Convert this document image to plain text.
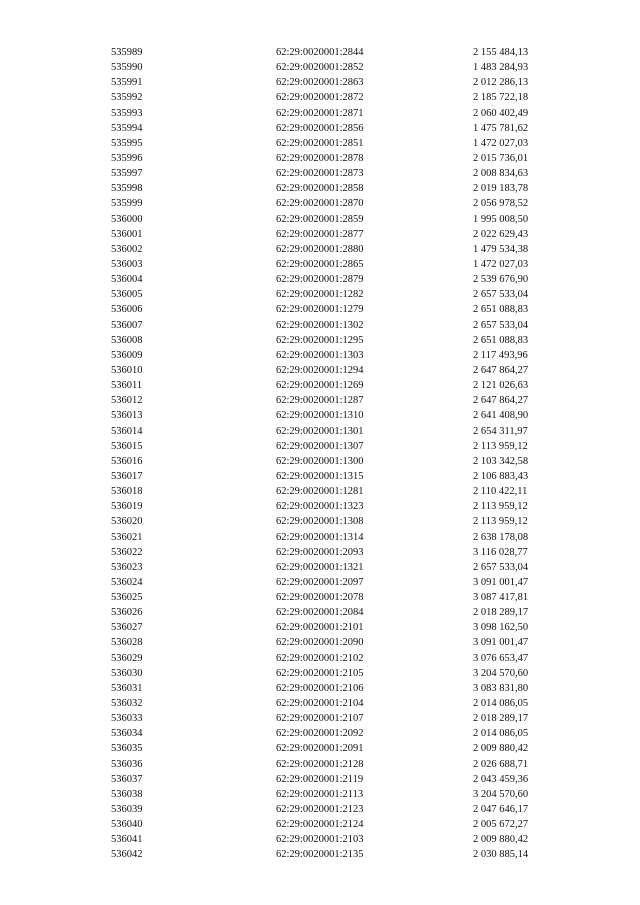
535989	62:29:0020001:2844	2 155 484,13
535990	62:29:0020001:2852	1 483 284,93
535991	62:29:0020001:2863	2 012 286,13
535992	62:29:0020001:2872	2 185 722,18
535993	62:29:0020001:2871	2 060 402,49
535994	62:29:0020001:2856	1 475 781,62
535995	62:29:0020001:2851	1 472 027,03
535996	62:29:0020001:2878	2 015 736,01
535997	62:29:0020001:2873	2 008 834,63
535998	62:29:0020001:2858	2 019 183,78
535999	62:29:0020001:2870	2 056 978,52
536000	62:29:0020001:2859	1 995 008,50
536001	62:29:0020001:2877	2 022 629,43
536002	62:29:0020001:2880	1 479 534,38
536003	62:29:0020001:2865	1 472 027,03
536004	62:29:0020001:2879	2 539 676,90
536005	62:29:0020001:1282	2 657 533,04
536006	62:29:0020001:1279	2 651 088,83
536007	62:29:0020001:1302	2 657 533,04
536008	62:29:0020001:1295	2 651 088,83
536009	62:29:0020001:1303	2 117 493,96
536010	62:29:0020001:1294	2 647 864,27
536011	62:29:0020001:1269	2 121 026,63
536012	62:29:0020001:1287	2 647 864,27
536013	62:29:0020001:1310	2 641 408,90
536014	62:29:0020001:1301	2 654 311,97
536015	62:29:0020001:1307	2 113 959,12
536016	62:29:0020001:1300	2 103 342,58
536017	62:29:0020001:1315	2 106 883,43
536018	62:29:0020001:1281	2 110 422,11
536019	62:29:0020001:1323	2 113 959,12
536020	62:29:0020001:1308	2 113 959,12
536021	62:29:0020001:1314	2 638 178,08
536022	62:29:0020001:2093	3 116 028,77
536023	62:29:0020001:1321	2 657 533,04
536024	62:29:0020001:2097	3 091 001,47
536025	62:29:0020001:2078	3 087 417,81
536026	62:29:0020001:2084	2 018 289,17
536027	62:29:0020001:2101	3 098 162,50
536028	62:29:0020001:2090	3 091 001,47
536029	62:29:0020001:2102	3 076 653,47
536030	62:29:0020001:2105	3 204 570,60
536031	62:29:0020001:2106	3 083 831,80
536032	62:29:0020001:2104	2 014 086,05
536033	62:29:0020001:2107	2 018 289,17
536034	62:29:0020001:2092	2 014 086,05
536035	62:29:0020001:2091	2 009 880,42
536036	62:29:0020001:2128	2 026 688,71
536037	62:29:0020001:2119	2 043 459,36
536038	62:29:0020001:2113	3 204 570,60
536039	62:29:0020001:2123	2 047 646,17
536040	62:29:0020001:2124	2 005 672,27
536041	62:29:0020001:2103	2 009 880,42
536042	62:29:0020001:2135	2 030 885,14
